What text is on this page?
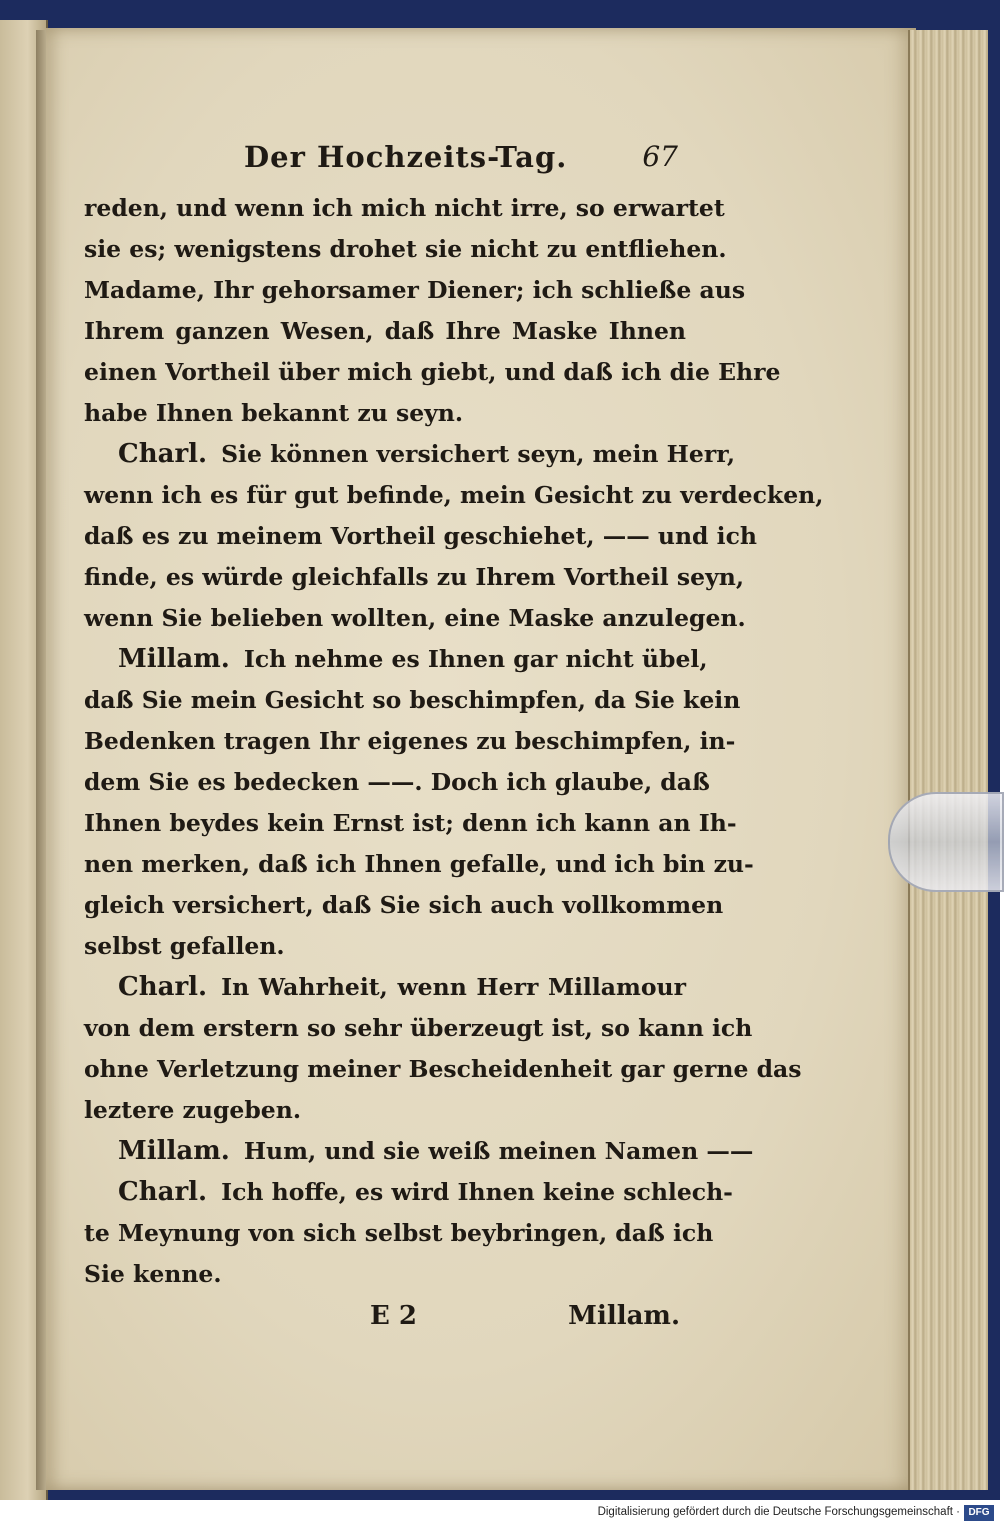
Der Hochzeits-Tag.	67
reden, und wenn ich mich nicht irre, so erwartet
sie es; wenigstens drohet sie nicht zu entfliehen.
Madame, Ihr gehorsamer Diener; ich schließe aus
Ihrem ganzen Wesen, daß Ihre Maske Ihnen
einen Vortheil über mich giebt, und daß ich die Ehre
habe Ihnen bekannt zu seyn.
Charl. Sie können versichert seyn, mein Herr,
wenn ich es für gut befinde, mein Gesicht zu verdecken,
daß es zu meinem Vortheil geschiehet, —— und ich
finde, es würde gleichfalls zu Ihrem Vortheil seyn,
wenn Sie belieben wollten, eine Maske anzulegen.
Millam. Ich nehme es Ihnen gar nicht übel,
daß Sie mein Gesicht so beschimpfen, da Sie kein
Bedenken tragen Ihr eigenes zu beschimpfen, in-
dem Sie es bedecken ——. Doch ich glaube, daß
Ihnen beydes kein Ernst ist; denn ich kann an Ih-
nen merken, daß ich Ihnen gefalle, und ich bin zu-
gleich versichert, daß Sie sich auch vollkommen
selbst gefallen.
Charl. In Wahrheit, wenn Herr Millamour
von dem erstern so sehr überzeugt ist, so kann ich
ohne Verletzung meiner Bescheidenheit gar gerne das
leztere zugeben.
Millam. Hum, und sie weiß meinen Namen ——
Charl. Ich hoffe, es wird Ihnen keine schlech-
te Meynung von sich selbst beybringen, daß ich
Sie kenne.
E 2	Millam.
Digitalisierung gefördert durch die Deutsche Forschungsgemeinschaft · DFG
